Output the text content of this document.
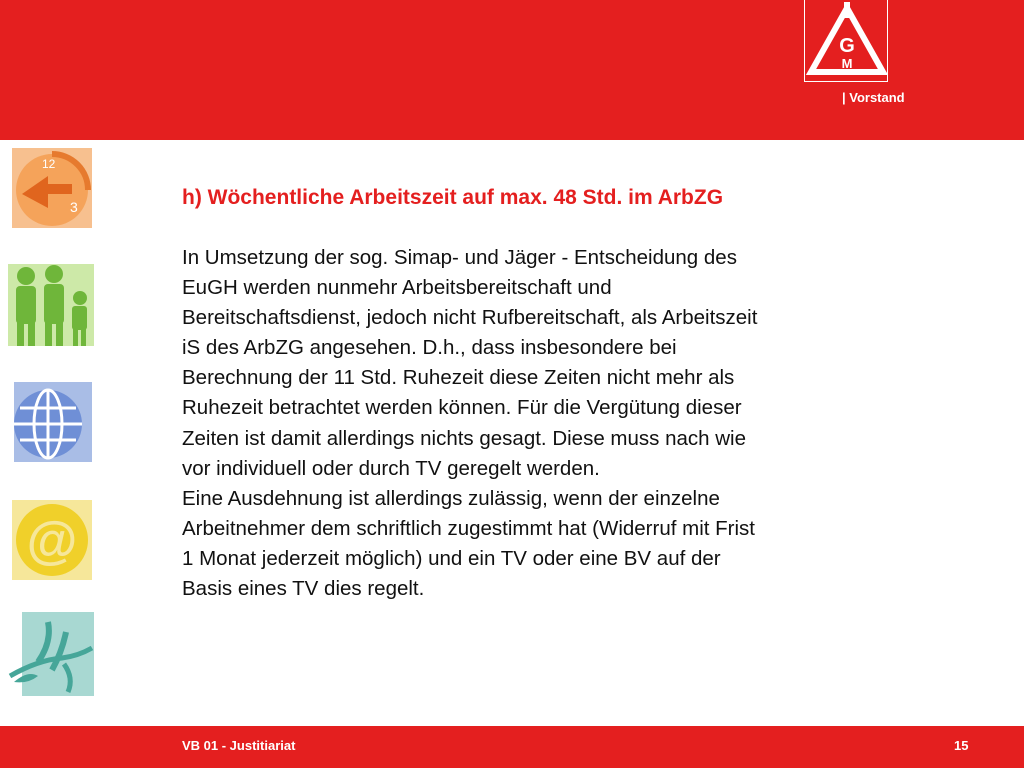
G
M
| Vorstand
12
3
@
h) Wöchentliche Arbeitszeit auf max. 48 Std. im ArbZG

In Umsetzung der sog. Simap- und Jäger - Entscheidung des

EuGH werden nunmehr Arbeitsbereitschaft und

Bereitschaftsdienst, jedoch nicht Rufbereitschaft, als Arbeitszeit

iS des ArbZG angesehen. D.h., dass insbesondere bei

Berechnung der 11 Std. Ruhezeit diese Zeiten nicht mehr als

Ruhezeit betrachtet werden können. Für die Vergütung dieser

Zeiten ist damit allerdings nichts gesagt. Diese muss nach wie

vor individuell oder durch TV geregelt werden.

Eine Ausdehnung ist allerdings zulässig, wenn der einzelne

Arbeitnehmer dem schriftlich zugestimmt hat (Widerruf mit Frist

1 Monat jederzeit möglich) und ein TV oder eine BV auf der

Basis eines TV dies regelt.

VB 01 - Justitiariat	15
